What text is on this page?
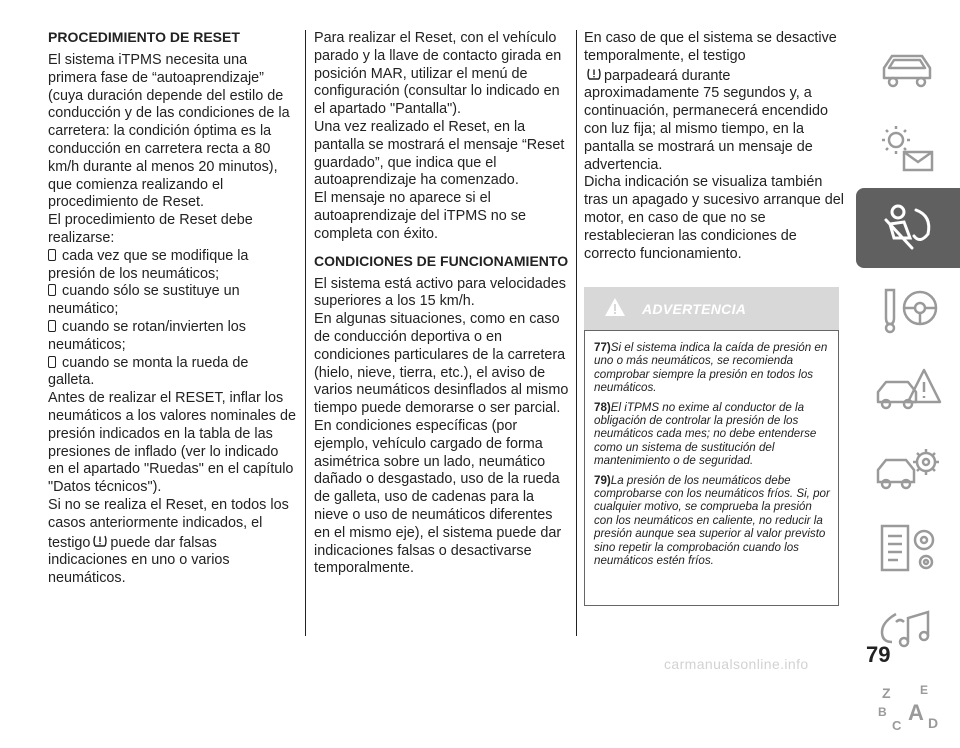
PROCEDIMIENTO DE RESET

El sistema iTPMS necesita una primera fase de “autoaprendizaje” (cuya duración depende del estilo de conducción y de las condiciones de la carretera: la condición óptima es la conducción en carretera recta a 80 km/h durante al menos 20 minutos), que comienza realizando el procedimiento de Reset.

El procedimiento de Reset debe realizarse:

cada vez que se modifique la presión de los neumáticos;

cuando sólo se sustituye un neumático;

cuando se rotan/invierten los neumáticos;

cuando se monta la rueda de galleta.

Antes de realizar el RESET, inflar los neumáticos a los valores nominales de presión indicados en la tabla de las presiones de inflado (ver lo indicado en el apartado "Ruedas" en el capítulo "Datos técnicos").

Si no se realiza el Reset, en todos los casos anteriormente indicados, el testigo puede dar falsas indicaciones en uno o varios neumáticos.

Para realizar el Reset, con el vehículo parado y la llave de contacto girada en posición MAR, utilizar el menú de configuración (consultar lo indicado en el apartado "Pantalla").

Una vez realizado el Reset, en la pantalla se mostrará el mensaje “Reset guardado”, que indica que el autoaprendizaje ha comenzado.

El mensaje no aparece si el autoaprendizaje del iTPMS no se completa con éxito.

CONDICIONES DE FUNCIONAMIENTO

El sistema está activo para velocidades superiores a los 15 km/h.

En algunas situaciones, como en caso de conducción deportiva o en condiciones particulares de la carretera (hielo, nieve, tierra, etc.), el aviso de varios neumáticos desinflados al mismo tiempo puede demorarse o ser parcial.

En condiciones específicas (por ejemplo, vehículo cargado de forma asimétrica sobre un lado, neumático dañado o desgastado, uso de la rueda de galleta, uso de cadenas para la nieve o uso de neumáticos diferentes en el mismo eje), el sistema puede dar indicaciones falsas o desactivarse temporalmente.

En caso de que el sistema se desactive temporalmente, el testigo
parpadeará durante aproximadamente 75 segundos y, a continuación, permanecerá encendido con luz fija; al mismo tiempo, en la pantalla se mostrará un mensaje de advertencia.

Dicha indicación se visualiza también tras un apagado y sucesivo arranque del motor, en caso de que no se restablecieran las condiciones de correcto funcionamiento.

ADVERTENCIA

77)Si el sistema indica la caída de presión en uno o más neumáticos, se recomienda comprobar siempre la presión en todos los neumáticos.

78)El iTPMS no exime al conductor de la obligación de controlar la presión de los neumáticos cada mes; no debe entenderse como un sistema de sustitución del mantenimiento o de seguridad.

79)La presión de los neumáticos debe comprobarse con los neumáticos fríos. Si, por cualquier motivo, se comprueba la presión con los neumáticos en caliente, no reducir la presión aunque sea superior al valor previsto sino repetir la comprobación cuando los neumáticos estén fríos.

Z E
B
C
A D
79
carmanualsonline.info
